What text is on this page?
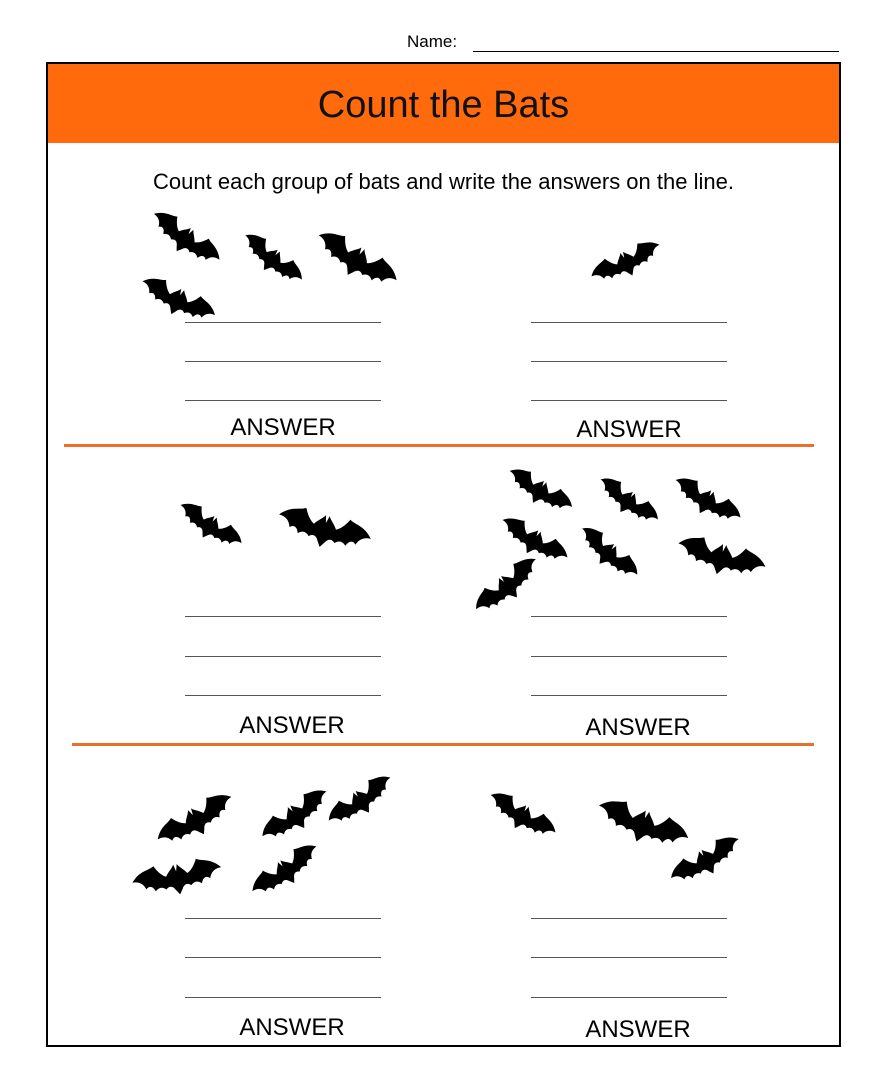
Name:
Count the Bats
Count each group of bats and write the answers on the line.
ANSWER	ANSWER
ANSWER	ANSWER
ANSWER	ANSWER
